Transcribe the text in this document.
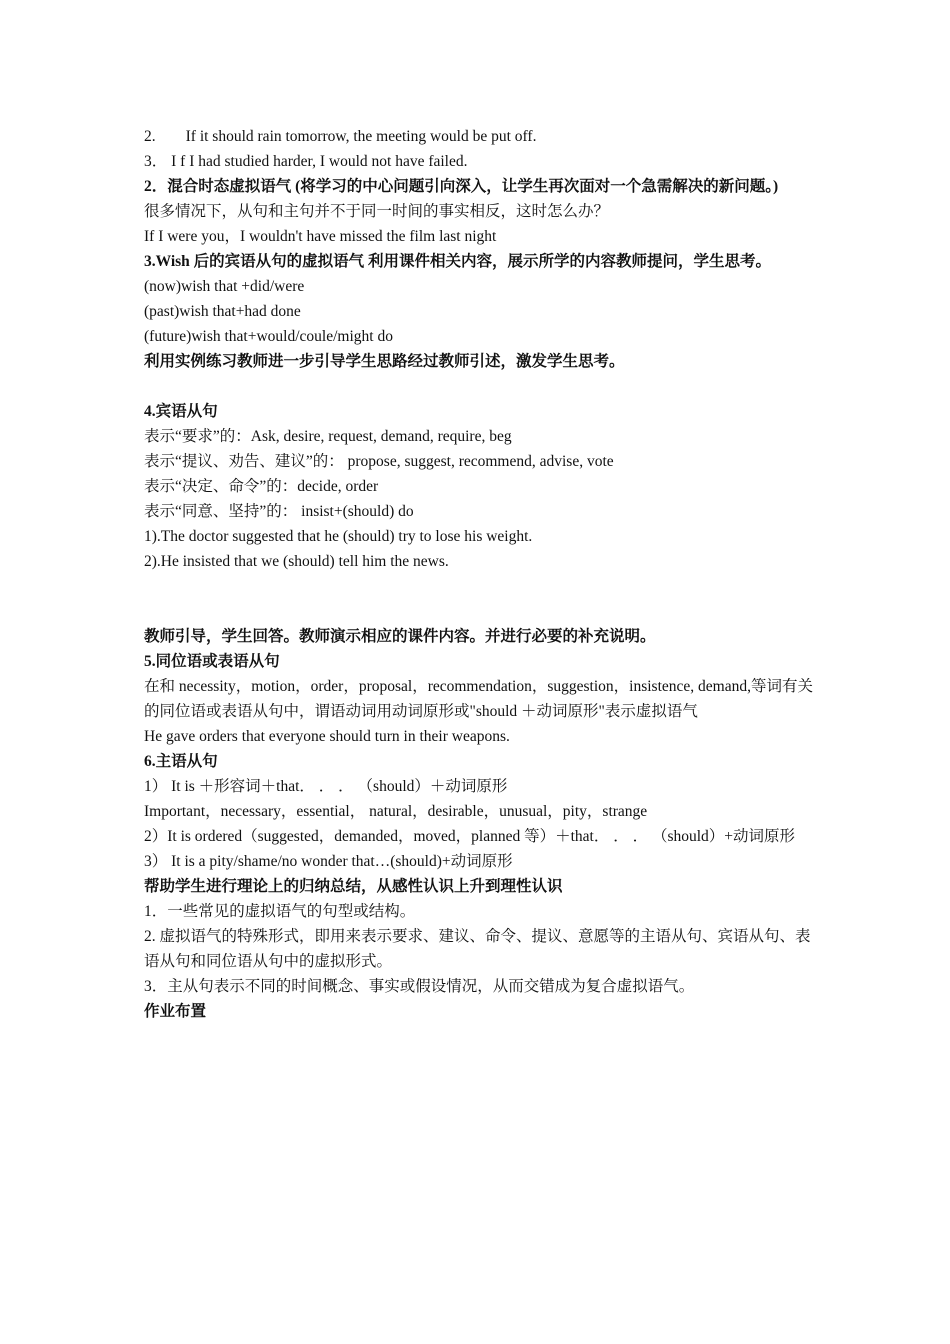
2. If it should rain tomorrow, the meeting would be put off.
3． I f I had studied harder, I would not have failed.
2．混合时态虚拟语气 (将学习的中心问题引向深入，让学生再次面对一个急需解决的新问题。)
很多情况下，从句和主句并不于同一时间的事实相反，这时怎么办？
If I were you，I wouldn't have missed the film last night
3.Wish 后的宾语从句的虚拟语气 利用课件相关内容，展示所学的内容教师提问，学生思考。
(now)wish that +did/were
(past)wish that+had done
(future)wish that+would/coule/might do
利用实例练习教师进一步引导学生思路经过教师引述，激发学生思考。
4.宾语从句
表示“要求”的：Ask, desire, request, demand, require, beg
表示“提议、劝告、建议”的： propose, suggest, recommend, advise, vote
表示“决定、命令”的：decide, order
表示“同意、坚持”的： insist+(should) do
1).The doctor suggested that he (should) try to lose his weight.
2).He insisted that we (should) tell him the news.
教师引导，学生回答。教师演示相应的课件内容。并进行必要的补充说明。
5.同位语或表语从句
在和 necessity，motion，order，proposal，recommendation，suggestion，insistence, demand,等词有关的同位语或表语从句中，谓语动词用动词原形或"should ＋动词原形"表示虚拟语气
He gave orders that everyone should turn in their weapons.
6.主语从句
1） It is ＋形容词＋that． ． ． （should）＋动词原形
Important，necessary，essential， natural，desirable，unusual，pity，strange
2）It is ordered（suggested，demanded，moved，planned 等）＋that． ． ． （should）+动词原形
3） It is a pity/shame/no wonder that…(should)+动词原形
帮助学生进行理论上的归纳总结，从感性认识上升到理性认识
1．一些常见的虚拟语气的句型或结构。
2. 虚拟语气的特殊形式，即用来表示要求、建议、命令、提议、意愿等的主语从句、宾语从句、表语从句和同位语从句中的虚拟形式。
3．主从句表示不同的时间概念、事实或假设情况，从而交错成为复合虚拟语气。
作业布置
